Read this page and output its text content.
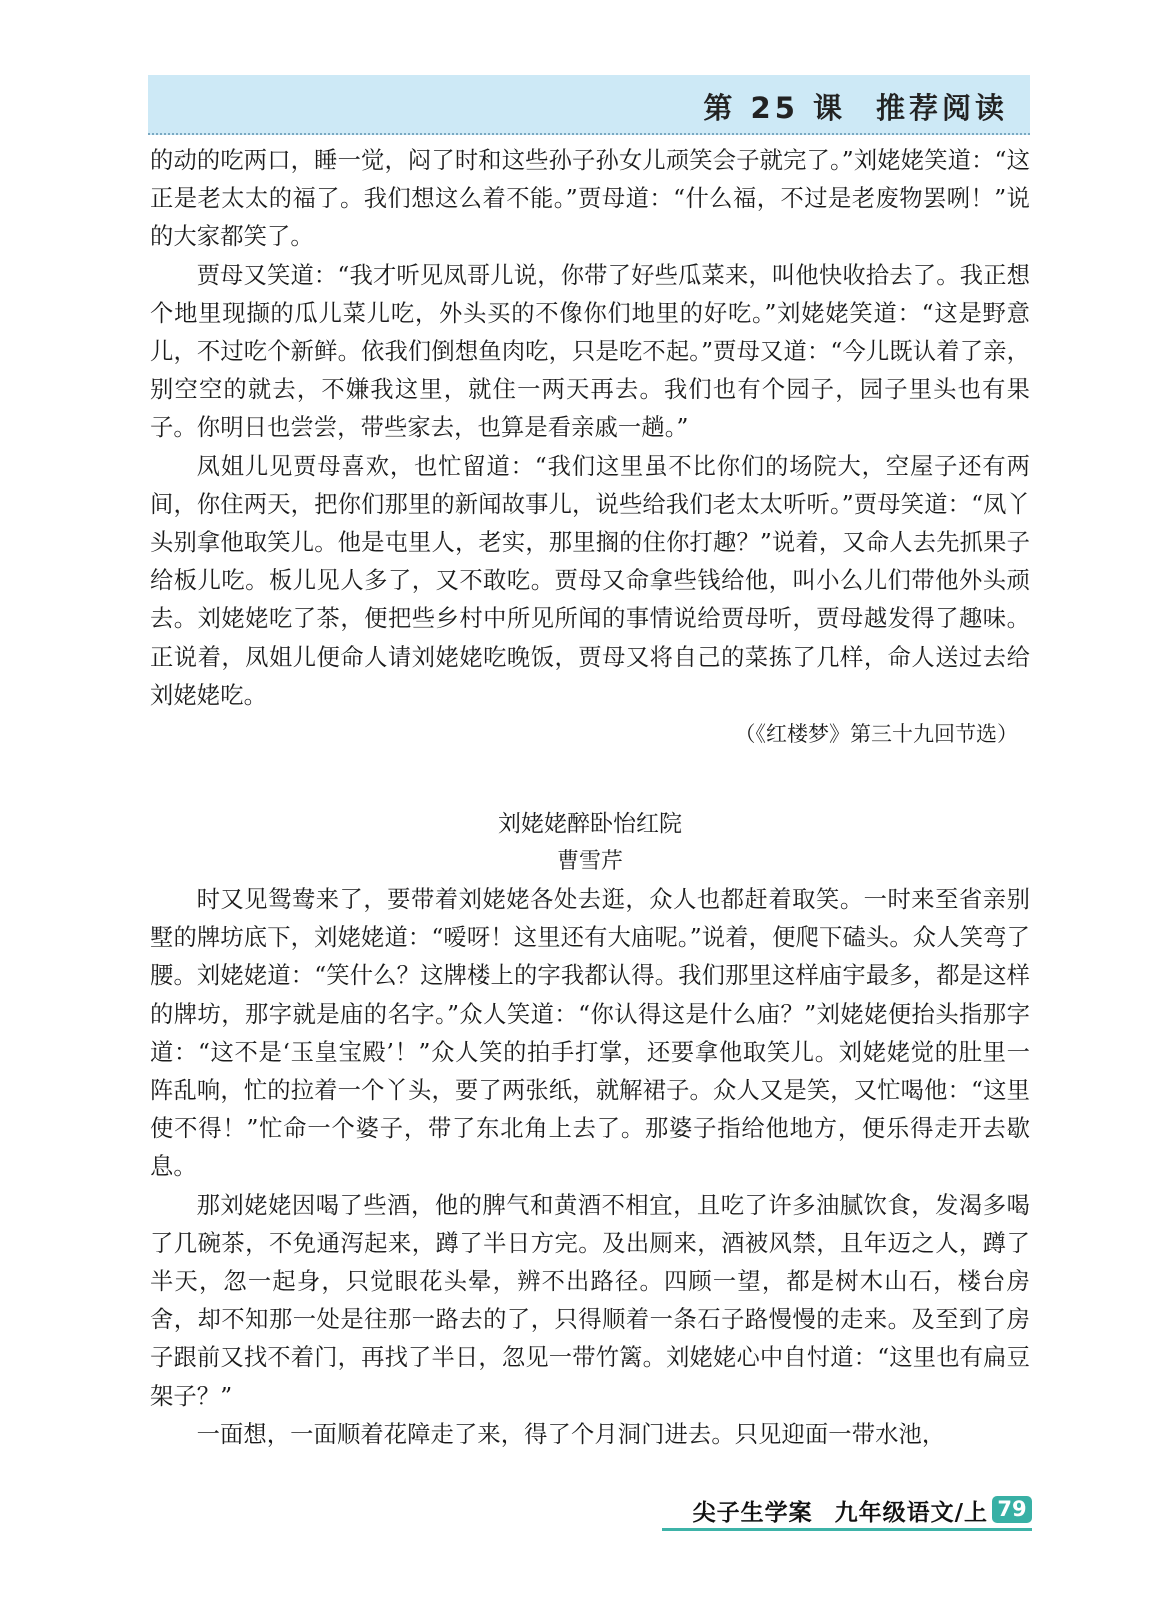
第 25 课 推荐阅读

的动的吃两口，睡一觉，闷了时和这些孙子孙女儿顽笑会子就完了。”刘姥姥笑道：“这正是老太太的福了。我们想这么着不能。”贾母道：“什么福，不过是老废物罢咧！”说的大家都笑了。

贾母又笑道：“我才听见凤哥儿说，你带了好些瓜菜来，叫他快收拾去了。我正想个地里现撷的瓜儿菜儿吃，外头买的不像你们地里的好吃。”刘姥姥笑道：“这是野意儿，不过吃个新鲜。依我们倒想鱼肉吃，只是吃不起。”贾母又道：“今儿既认着了亲，别空空的就去，不嫌我这里，就住一两天再去。我们也有个园子，园子里头也有果子。你明日也尝尝，带些家去，也算是看亲戚一趟。”

凤姐儿见贾母喜欢，也忙留道：“我们这里虽不比你们的场院大，空屋子还有两间，你住两天，把你们那里的新闻故事儿，说些给我们老太太听听。”贾母笑道：“凤丫头别拿他取笑儿。他是屯里人，老实，那里搁的住你打趣？”说着，又命人去先抓果子给板儿吃。板儿见人多了，又不敢吃。贾母又命拿些钱给他，叫小么儿们带他外头顽去。刘姥姥吃了茶，便把些乡村中所见所闻的事情说给贾母听，贾母越发得了趣味。正说着，凤姐儿便命人请刘姥姥吃晚饭，贾母又将自己的菜拣了几样，命人送过去给刘姥姥吃。

（《红楼梦》第三十九回节选）

刘姥姥醉卧怡红院

曹雪芹

时又见鸳鸯来了，要带着刘姥姥各处去逛，众人也都赶着取笑。一时来至省亲别墅的牌坊底下，刘姥姥道：“嗳呀！这里还有大庙呢。”说着，便爬下磕头。众人笑弯了腰。刘姥姥道：“笑什么？这牌楼上的字我都认得。我们那里这样庙宇最多，都是这样的牌坊，那字就是庙的名字。”众人笑道：“你认得这是什么庙？”刘姥姥便抬头指那字道：“这不是‘玉皇宝殿’！”众人笑的拍手打掌，还要拿他取笑儿。刘姥姥觉的肚里一阵乱响，忙的拉着一个丫头，要了两张纸，就解裙子。众人又是笑，又忙喝他：“这里使不得！”忙命一个婆子，带了东北角上去了。那婆子指给他地方，便乐得走开去歇息。

那刘姥姥因喝了些酒，他的脾气和黄酒不相宜，且吃了许多油腻饮食，发渴多喝了几碗茶，不免通泻起来，蹲了半日方完。及出厕来，酒被风禁，且年迈之人，蹲了半天，忽一起身，只觉眼花头晕，辨不出路径。四顾一望，都是树木山石，楼台房舍，却不知那一处是往那一路去的了，只得顺着一条石子路慢慢的走来。及至到了房子跟前又找不着门，再找了半日，忽见一带竹篱。刘姥姥心中自忖道：“这里也有扁豆架子？”

一面想，一面顺着花障走了来，得了个月洞门进去。只见迎面一带水池，

尖子生学案 九年级语文/上 79
